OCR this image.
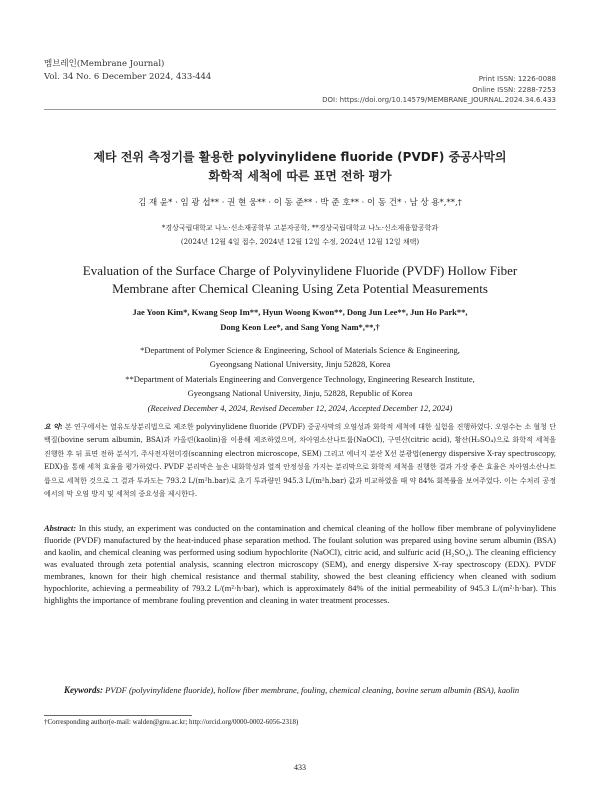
멤브레인(Membrane Journal)
Vol. 34 No. 6 December 2024, 433-444	Print ISSN: 1226-0088
Online ISSN: 2288-7253
DOI: https://doi.org/10.14579/MEMBRANE_JOURNAL.2024.34.6.433
제타 전위 측정기를 활용한 polyvinylidene fluoride (PVDF) 중공사막의
화학적 세척에 따른 표면 전하 평가
김 재 윤* · 임 광 섭** · 권 현 웅** · 이 동 준** · 박 준 호** · 이 동 건* · 남 상 용*,**,†
*경상국립대학교 나노·신소재공학부 고분자공학, **경상국립대학교 나노·신소재융합공학과
(2024년 12월 4일 접수, 2024년 12월 12일 수정, 2024년 12월 12일 채택)
Evaluation of the Surface Charge of Polyvinylidene Fluoride (PVDF) Hollow Fiber
Membrane after Chemical Cleaning Using Zeta Potential Measurements
Jae Yoon Kim*, Kwang Seop Im**, Hyun Woong Kwon**, Dong Jun Lee**, Jun Ho Park**,
Dong Keon Lee*, and Sang Yong Nam*,**,†
*Department of Polymer Science & Engineering, School of Materials Science & Engineering,
Gyeongsang National University, Jinju 52828, Korea
**Department of Materials Engineering and Convergence Technology, Engineering Research Institute,
Gyeongsang National University, Jinju, 52828, Republic of Korea
(Received December 4, 2024, Revised December 12, 2024, Accepted December 12, 2024)
요 약: 본 연구에서는 열유도상분리법으로 제조한 polyvinylidene fluoride (PVDF) 중공사막의 오염성과 화학적 세척에 대한 실험을 진행하였다. 오염수는 소 혈청 단백질(bovine serum albumin, BSA)과 카올린(kaolin)을 이용해 제조하였으며, 차아염소산나트륨(NaOCl), 구연산(citric acid), 황산(H₂SO₄)으로 화학적 세척을 진행한 후 뒤 표면 전하 분석기, 주사전자현미경(scanning electron microscope, SEM) 그리고 에너지 분산 X선 분광법(energy dispersive X-ray spectroscopy, EDX)을 통해 세척 효율을 평가하였다. PVDF 분리막은 높은 내화학성과 열적 안정성을 가지는 분리막으로 화학적 세척을 진행한 결과 가장 좋은 효율은 차아염소산나트륨으로 세척한 것으로 그 결과 투과도는 793.2 L/(m²h.bar)로 초기 투과량인 945.3 L/(m²h.bar) 값과 비교하였을 때 약 84% 회복률을 보여주었다. 이는 수처리 공정에서의 막 오염 방지 및 세척의 중요성을 제시한다.
Abstract: In this study, an experiment was conducted on the contamination and chemical cleaning of the hollow fiber membrane of polyvinylidene fluoride (PVDF) manufactured by the heat-induced phase separation method. The foulant solution was prepared using bovine serum albumin (BSA) and kaolin, and chemical cleaning was performed using sodium hypochlorite (NaOCl), citric acid, and sulfuric acid (H₂SO₄). The cleaning efficiency was evaluated through zeta potential analysis, scanning electron microscopy (SEM), and energy dispersive X-ray spectroscopy (EDX). PVDF membranes, known for their high chemical resistance and thermal stability, showed the best cleaning efficiency when cleaned with sodium hypochlorite, achieving a permeability of 793.2 L/(m²·h·bar), which is approximately 84% of the initial permeability of 945.3 L/(m²·h·bar). This highlights the importance of membrane fouling prevention and cleaning in water treatment processes.
Keywords: PVDF (polyvinylidene fluoride), hollow fiber membrane, fouling, chemical cleaning, bovine serum albumin (BSA), kaolin
†Corresponding author(e-mail: walden@gnu.ac.kr; http://orcid.org/0000-0002-6056-2318)
433
